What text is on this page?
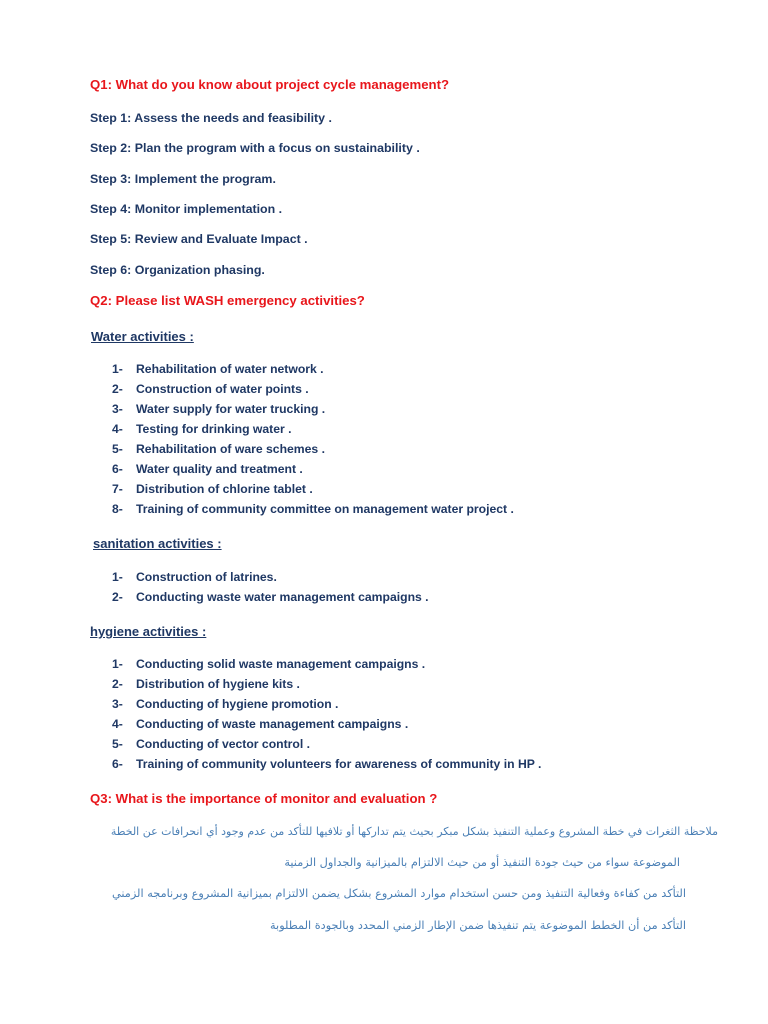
Q1: What do you know about project cycle management?
Step 1: Assess the needs and feasibility .
Step 2: Plan the program with a focus on sustainability .
Step 3: Implement the program.
Step 4: Monitor implementation .
Step 5: Review and Evaluate Impact .
Step 6: Organization phasing.
Q2: Please list WASH emergency activities?
Water activities :
1- Rehabilitation of water network .
2- Construction of water points .
3- Water supply for water trucking .
4- Testing for drinking water .
5- Rehabilitation of ware schemes .
6- Water quality and treatment .
7- Distribution of chlorine tablet .
8- Training of community committee on management water project .
sanitation activities :
1- Construction of latrines.
2- Conducting waste water management campaigns .
hygiene activities :
1- Conducting solid waste management campaigns .
2- Distribution of hygiene kits .
3- Conducting of hygiene promotion .
4- Conducting of waste management campaigns .
5- Conducting of vector control .
6- Training of community volunteers for awareness of community in HP .
Q3: What is the importance of monitor and evaluation ?
ملاحظة الثغرات في خطة المشروع وعملية التنفيذ بشكل مبكر بحيث يتم تداركها أو تلافيها للتأكد من عدم وجود أي انحرافات عن الخطة
الموضوعة سواء من حيث جودة التنفيذ أو من حيث الالتزام بالميزانية والجداول الزمنية
التأكد من كفاءة وفعالية التنفيذ ومن حسن استخدام موارد المشروع بشكل يضمن الالتزام بميزانية المشروع وبرنامجه الزمني
التأكد من أن الخطط الموضوعة يتم تنفيذها ضمن الإطار الزمني المحدد وبالجودة المطلوبة
